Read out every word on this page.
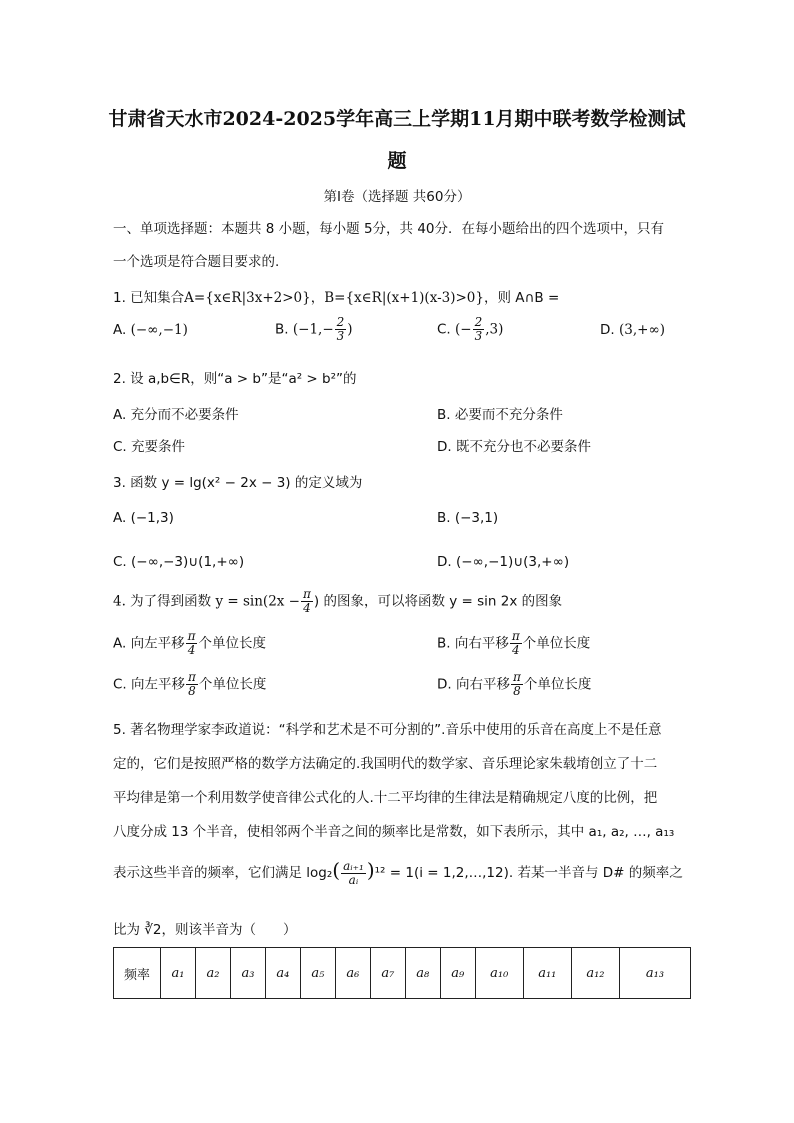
甘肃省天水市2024-2025学年高三上学期11月期中联考数学检测试
题
第I卷（选择题 共60分）
一、单项选择题：本题共 8 小题，每小题 5分，共 40分．在每小题给出的四个选项中，只有
一个选项是符合题目要求的.
1. 已知集合A={x∈R|3x+2>0}，B={x∈R|(x+1)(x-3)>0}，则 A∩B =
A. (−∞,−1)	B. ($-1,- \frac{2}{3}$ )	C. (− $\frac{2}{3} ,3$)	D. (3,+∞)
2. 设 a,b∈R，则“a > b”是“a² > b²”的
A. 充分而不必要条件	B. 必要而不充分条件
C. 充要条件	D. 既不充分也不必要条件
3. 函数 y = lg(x² − 2x − 3) 的定义域为
A. (−1,3)	B. (−3,1)
C. (−∞,−3)∪(1,+∞)	D. (−∞,−1)∪(3,+∞)
4. 为了得到函数 $y = \sin(2x - \frac{\pi}{4}$ ) 的图象，可以将函数 y = sin 2x 的图象
A. 向左平移 $\frac{\pi}{4}$ 个单位长度	B. 向右平移 $\frac{\pi}{4}$ 个单位长度
C. 向左平移 $\frac{\pi}{8}$ 个单位长度	D. 向右平移 $\frac{\pi}{8}$ 个单位长度
5. 著名物理学家李政道说：“科学和艺术是不可分割的”.音乐中使用的乐音在高度上不是任意
定的，它们是按照严格的数学方法确定的.我国明代的数学家、音乐理论家朱载堉创立了十二
平均律是第一个利用数学使音律公式化的人.十二平均律的生律法是精确规定八度的比例，把
八度分成 13 个半音，使相邻两个半音之间的频率比是常数，如下表所示，其中 a₁, a₂, …, a₁₃
表示这些半音的频率，它们满足 $\log_2( \frac{\text{aᵢ₊₁}}{\text{aᵢ}} )^{12} = 1(i$ = 1,2,…,12). 若某一半音与 D# 的频率之
比为 ∛2，则该半音为（　　）
频率	a₁	a₂	a₃	a₄	a₅	a₆	a₇	a₈	a₉	a₁₀	a₁₁	a₁₂	a₁₃
